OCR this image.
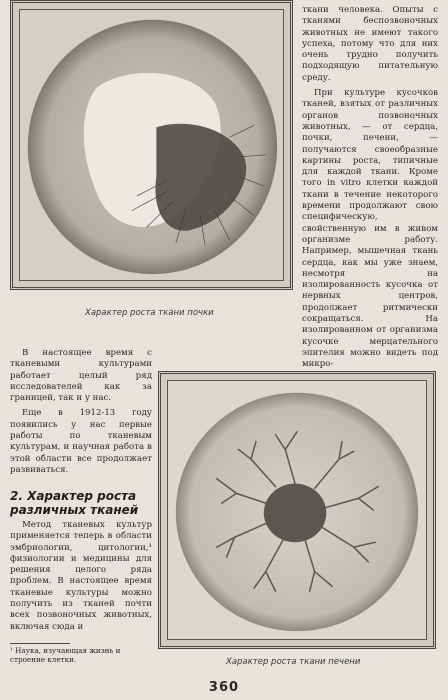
Характер роста ткани почки

ткани человека. Опыты с тканями беспозвоночных животных не имеют такого успеха, потому что для них очень трудно получить подходящую питательную среду.

При культуре кусочков тканей, взятых от различных органов позвоночных животных, — от сердца, почки, печени, — получаются своеобразные картины роста, типичные для каждой ткани. Кроме того in vitro клетки каждой ткани в течение некоторого времени продолжают свою специфическую, свойственную им в живом организме работу. Например, мышечная ткань сердца, как мы уже знаем, несмотря на изолированность кусочка от нервных центров, продолжает ритмически сокращаться. На изолированном от организма кусочке мерцательного эпителия можно видеть под микро-

В настоящее время с тканевыми культурами работает целый ряд исследователей как за границей, так и у нас.

Еще в 1912-13 году появились у нас первые работы по тканевым культурам, и научная работа в этой области все продолжает развиваться.

2. Характер роста различных тканей

Метод тканевых культур применяется теперь в области эмбриологии, цитологии,¹ физиологии и медицины для решения целого ряда проблем. В настоящее время тканевые культуры можно получить из тканей почти всех позвоночных животных, включая сюда и

Характер роста ткани печени
¹ Наука, изучающая жизнь и строение клетки.
360
